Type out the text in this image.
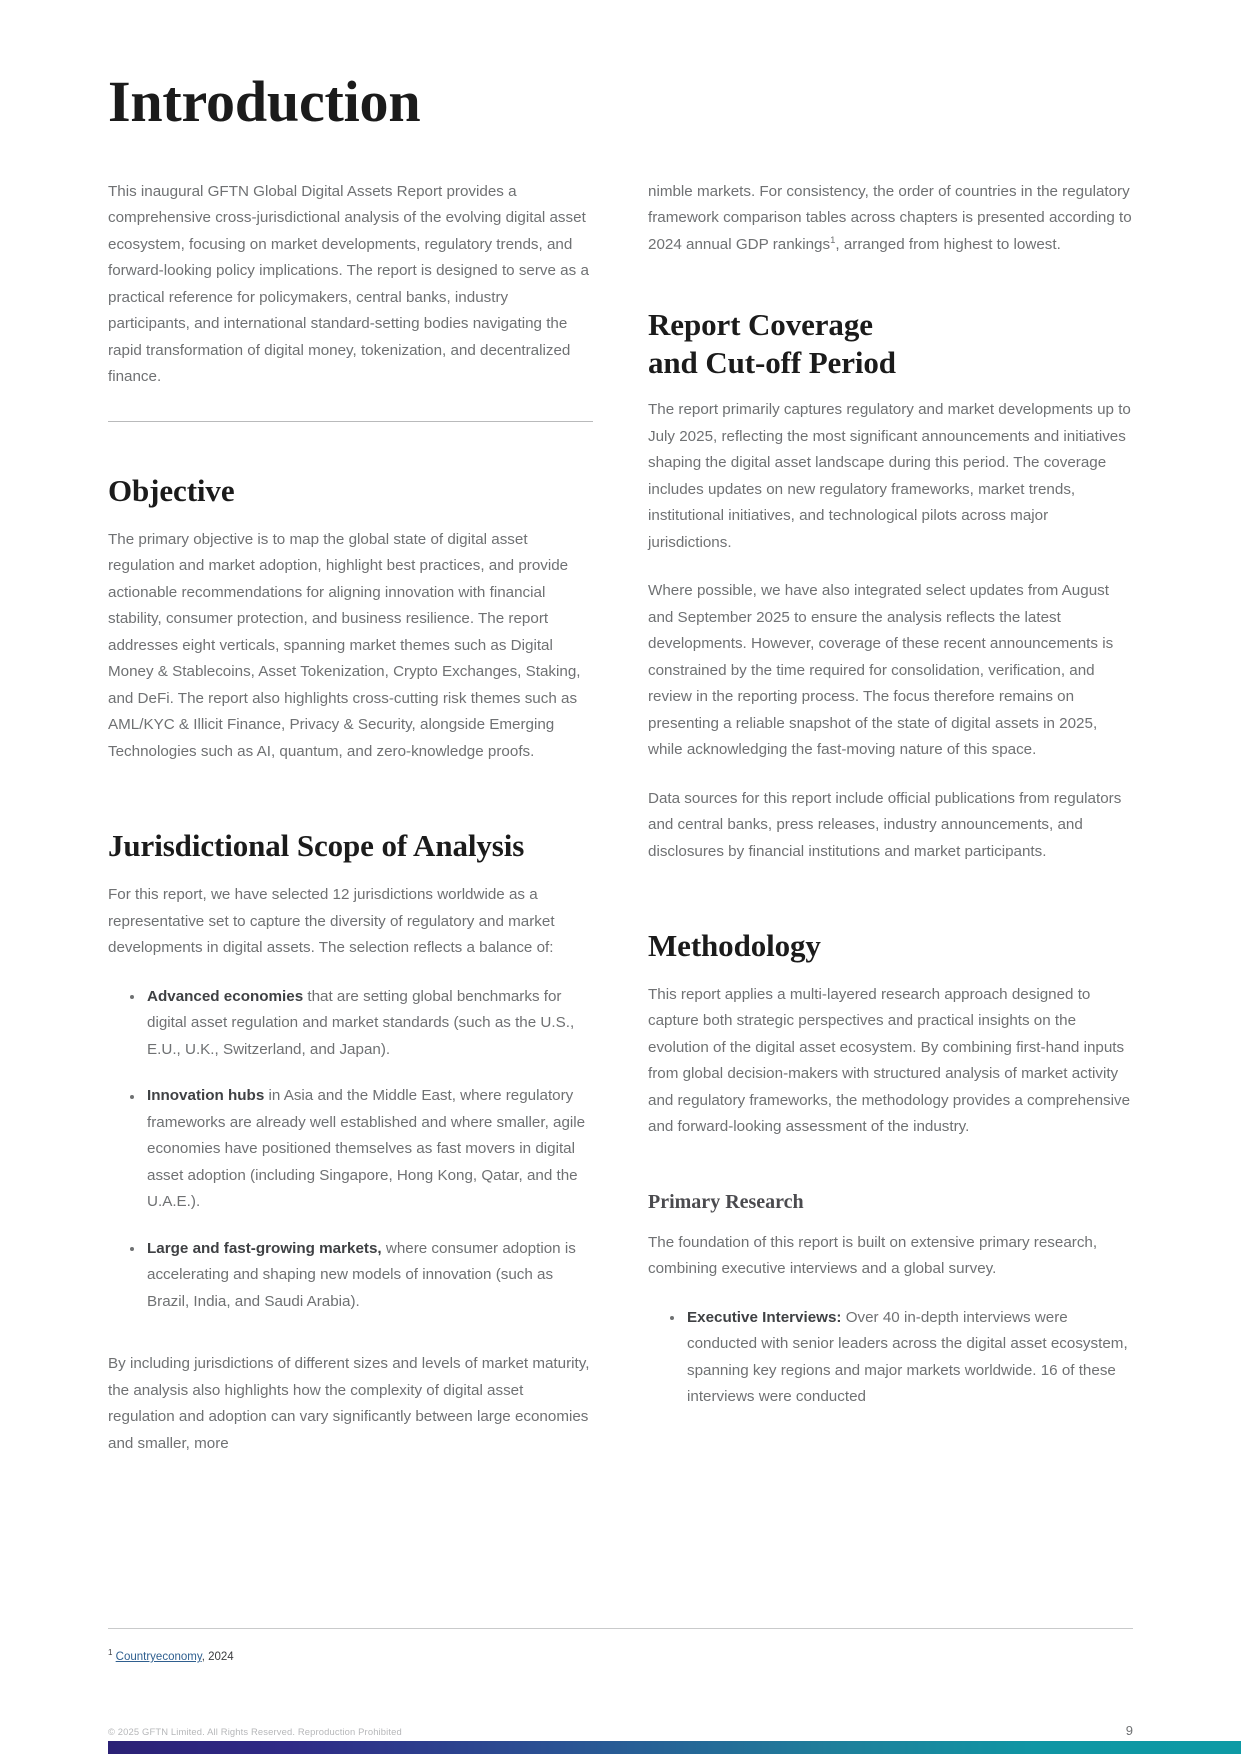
Introduction

This inaugural GFTN Global Digital Assets Report provides a comprehensive cross-jurisdictional analysis of the evolving digital asset ecosystem, focusing on market developments, regulatory trends, and forward-looking policy implications. The report is designed to serve as a practical reference for policymakers, central banks, industry participants, and international standard-setting bodies navigating the rapid transformation of digital money, tokenization, and decentralized finance.

Objective

The primary objective is to map the global state of digital asset regulation and market adoption, highlight best practices, and provide actionable recommendations for aligning innovation with financial stability, consumer protection, and business resilience. The report addresses eight verticals, spanning market themes such as Digital Money & Stablecoins, Asset Tokenization, Crypto Exchanges, Staking, and DeFi. The report also highlights cross-cutting risk themes such as AML/KYC & Illicit Finance, Privacy & Security, alongside Emerging Technologies such as AI, quantum, and zero-knowledge proofs.

Jurisdictional Scope of Analysis

For this report, we have selected 12 jurisdictions worldwide as a representative set to capture the diversity of regulatory and market developments in digital assets. The selection reflects a balance of:

Advanced economies that are setting global benchmarks for digital asset regulation and market standards (such as the U.S., E.U., U.K., Switzerland, and Japan).
Innovation hubs in Asia and the Middle East, where regulatory frameworks are already well established and where smaller, agile economies have positioned themselves as fast movers in digital asset adoption (including Singapore, Hong Kong, Qatar, and the U.A.E.).
Large and fast-growing markets, where consumer adoption is accelerating and shaping new models of innovation (such as Brazil, India, and Saudi Arabia).

By including jurisdictions of different sizes and levels of market maturity, the analysis also highlights how the complexity of digital asset regulation and adoption can vary significantly between large economies and smaller, more

nimble markets. For consistency, the order of countries in the regulatory framework comparison tables across chapters is presented according to 2024 annual GDP rankings$^1$, arranged from highest to lowest.

Report Coverage
and Cut-off Period

The report primarily captures regulatory and market developments up to July 2025, reflecting the most significant announcements and initiatives shaping the digital asset landscape during this period. The coverage includes updates on new regulatory frameworks, market trends, institutional initiatives, and technological pilots across major jurisdictions.

Where possible, we have also integrated select updates from August and September 2025 to ensure the analysis reflects the latest developments. However, coverage of these recent announcements is constrained by the time required for consolidation, verification, and review in the reporting process. The focus therefore remains on presenting a reliable snapshot of the state of digital assets in 2025, while acknowledging the fast-moving nature of this space.

Data sources for this report include official publications from regulators and central banks, press releases, industry announcements, and disclosures by financial institutions and market participants.

Methodology

This report applies a multi-layered research approach designed to capture both strategic perspectives and practical insights on the evolution of the digital asset ecosystem. By combining first-hand inputs from global decision-makers with structured analysis of market activity and regulatory frameworks, the methodology provides a comprehensive and forward-looking assessment of the industry.

Primary Research

The foundation of this report is built on extensive primary research, combining executive interviews and a global survey.

Executive Interviews: Over 40 in-depth interviews were conducted with senior leaders across the digital asset ecosystem, spanning key regions and major markets worldwide. 16 of these interviews were conducted
$^1$ Countryeconomy, 2024
© 2025 GFTN Limited. All Rights Reserved. Reproduction Prohibited	9
